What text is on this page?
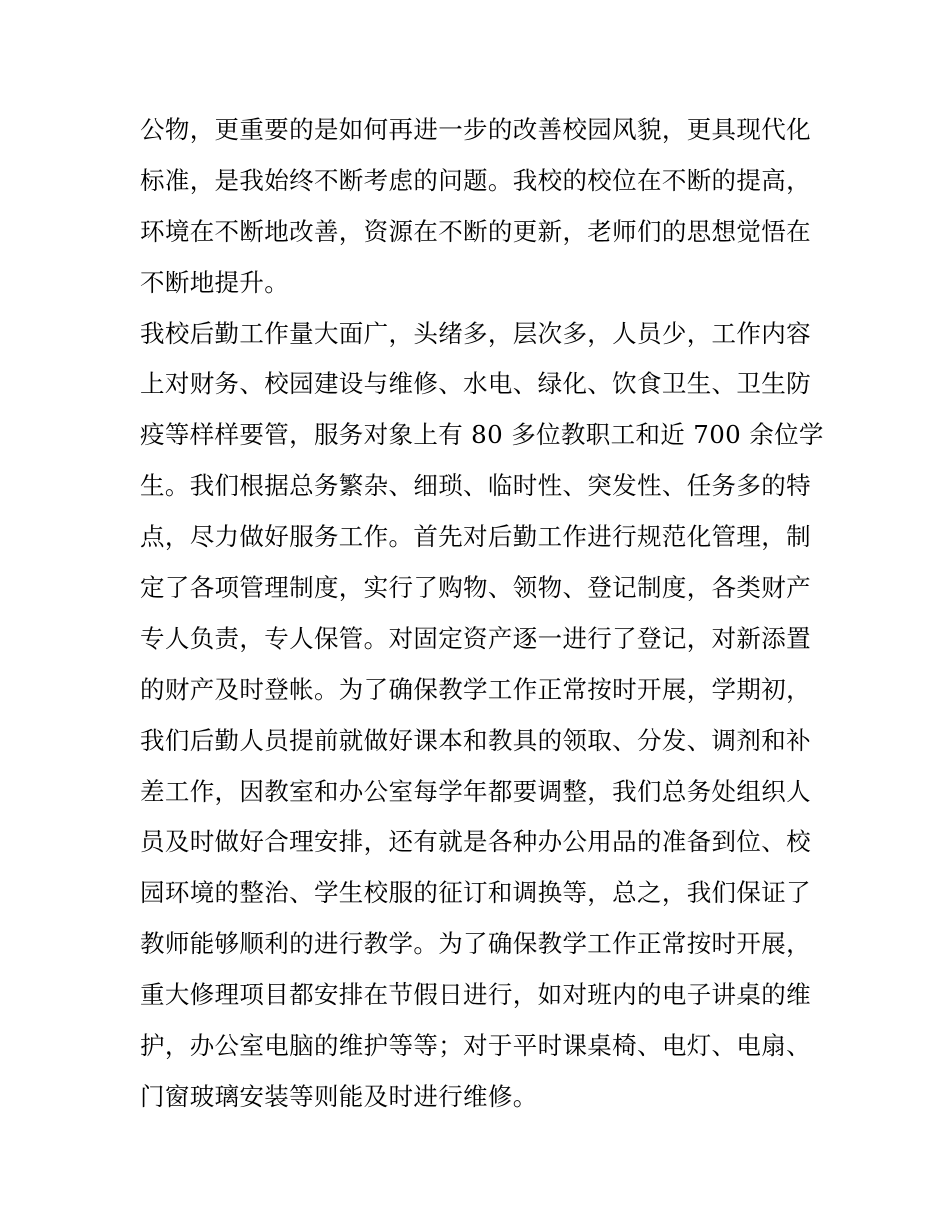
公物，更重要的是如何再进一步的改善校园风貌，更具现代化
标准，是我始终不断考虑的问题。我校的校位在不断的提高，
环境在不断地改善，资源在不断的更新，老师们的思想觉悟在
不断地提升。
我校后勤工作量大面广，头绪多，层次多，人员少，工作内容
上对财务、校园建设与维修、水电、绿化、饮食卫生、卫生防
疫等样样要管，服务对象上有 80 多位教职工和近 700 余位学
生。我们根据总务繁杂、细琐、临时性、突发性、任务多的特
点，尽力做好服务工作。首先对后勤工作进行规范化管理，制
定了各项管理制度，实行了购物、领物、登记制度，各类财产
专人负责，专人保管。对固定资产逐一进行了登记，对新添置
的财产及时登帐。为了确保教学工作正常按时开展，学期初，
我们后勤人员提前就做好课本和教具的领取、分发、调剂和补
差工作，因教室和办公室每学年都要调整，我们总务处组织人
员及时做好合理安排，还有就是各种办公用品的准备到位、校
园环境的整治、学生校服的征订和调换等，总之，我们保证了
教师能够顺利的进行教学。为了确保教学工作正常按时开展，
重大修理项目都安排在节假日进行，如对班内的电子讲桌的维
护，办公室电脑的维护等等；对于平时课桌椅、电灯、电扇、
门窗玻璃安装等则能及时进行维修。
